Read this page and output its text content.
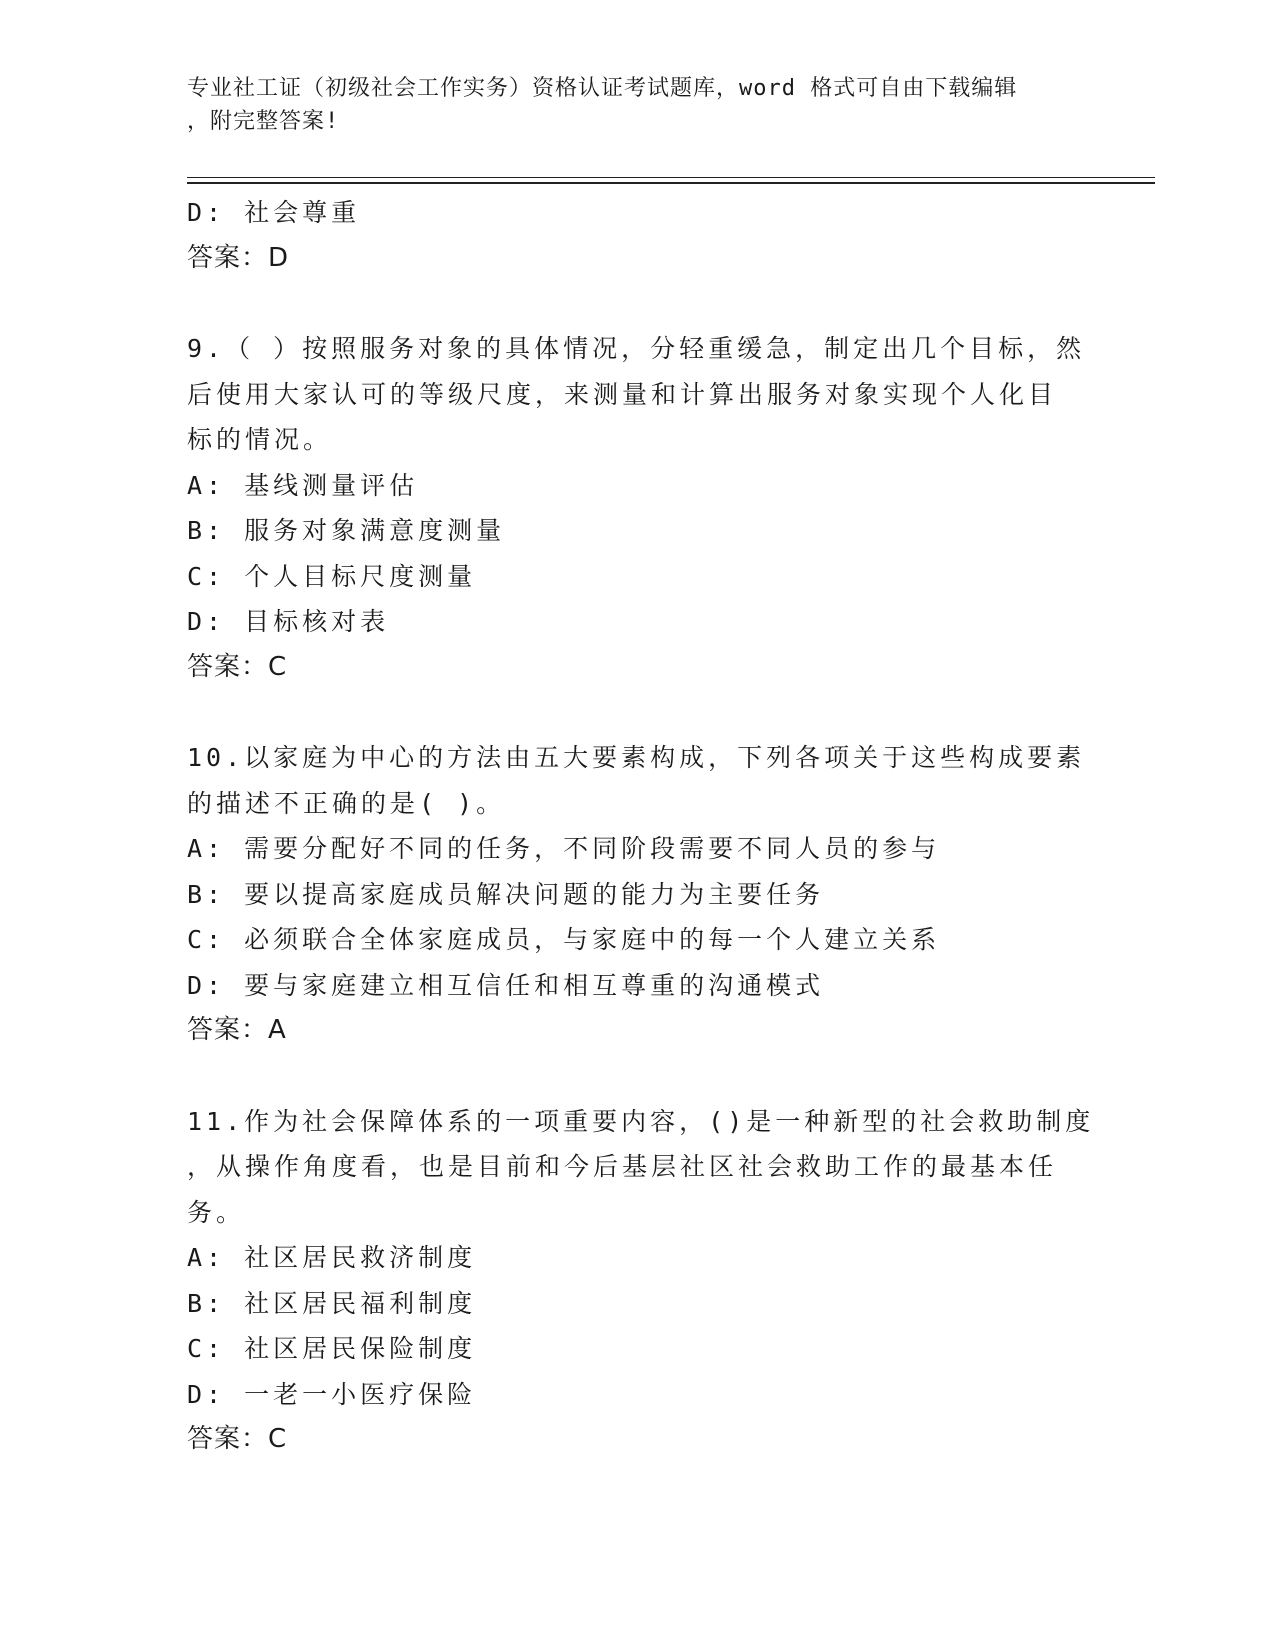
专业社工证（初级社会工作实务）资格认证考试题库，word 格式可自由下载编辑
，附完整答案!
D: 社会尊重
答案：D
9.（ ）按照服务对象的具体情况，分轻重缓急，制定出几个目标，然
后使用大家认可的等级尺度，来测量和计算出服务对象实现个人化目
标的情况。
A: 基线测量评估
B: 服务对象满意度测量
C: 个人目标尺度测量
D: 目标核对表
答案：C
10.以家庭为中心的方法由五大要素构成，下列各项关于这些构成要素
的描述不正确的是( )。
A: 需要分配好不同的任务，不同阶段需要不同人员的参与
B: 要以提高家庭成员解决问题的能力为主要任务
C: 必须联合全体家庭成员，与家庭中的每一个人建立关系
D: 要与家庭建立相互信任和相互尊重的沟通模式
答案：A
11.作为社会保障体系的一项重要内容，()是一种新型的社会救助制度
，从操作角度看，也是目前和今后基层社区社会救助工作的最基本任
务。
A: 社区居民救济制度
B: 社区居民福利制度
C: 社区居民保险制度
D: 一老一小医疗保险
答案：C
